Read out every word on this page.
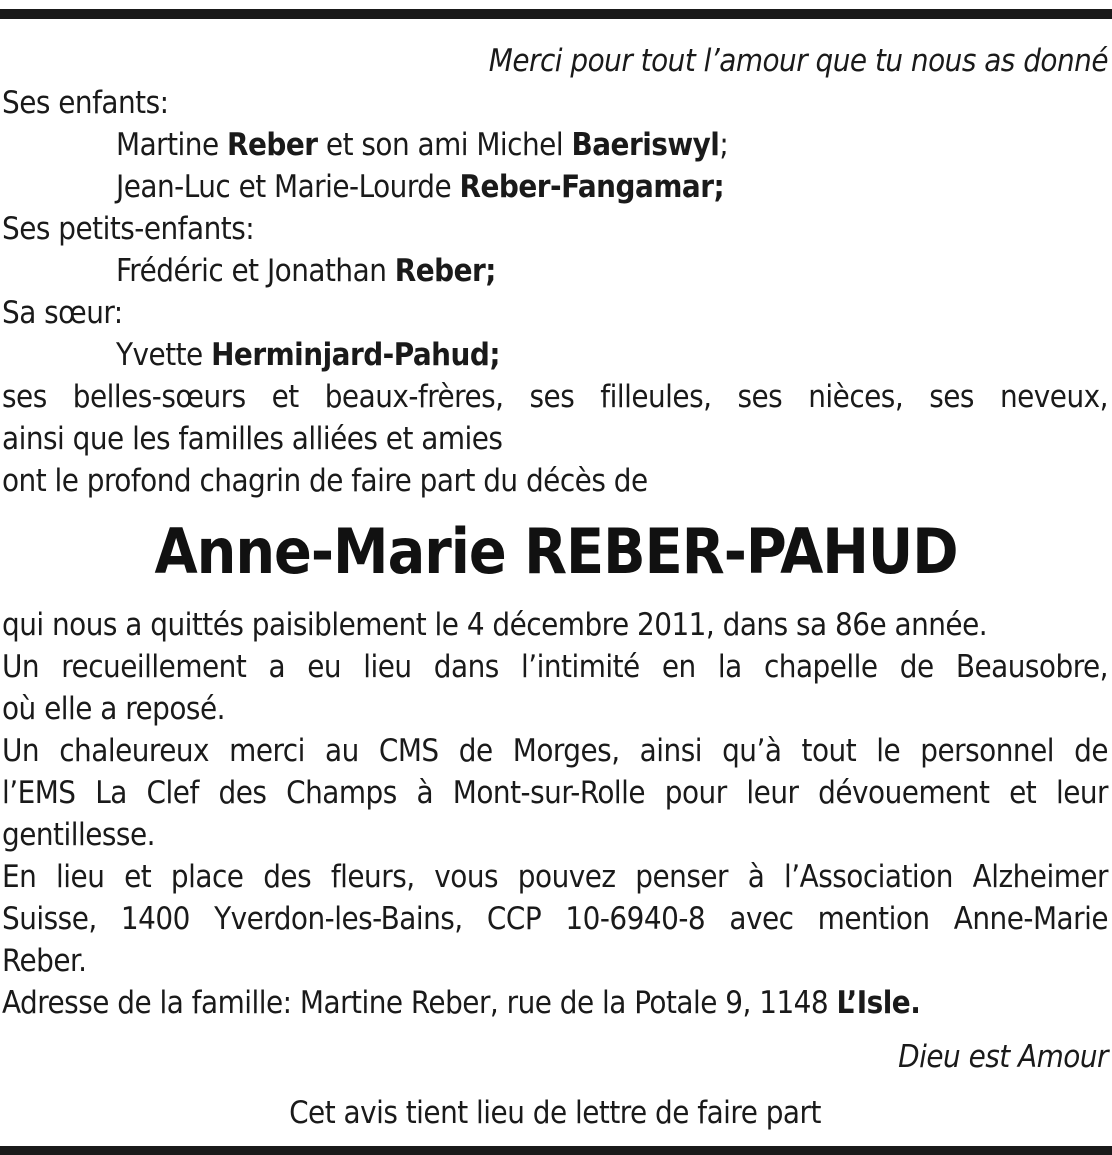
Merci pour tout l’amour que tu nous as donné
Ses enfants:
Martine Reber et son ami Michel Baeriswyl;
Jean-Luc et Marie-Lourde Reber-Fangamar;
Ses petits-enfants:
Frédéric et Jonathan Reber;
Sa sœur:
Yvette Herminjard-Pahud;
ses belles-sœurs et beaux-frères, ses filleules, ses nièces, ses neveux,
ainsi que les familles alliées et amies
ont le profond chagrin de faire part du décès de
Anne-Marie REBER-PAHUD
qui nous a quittés paisiblement le 4 décembre 2011, dans sa 86e année.
Un recueillement a eu lieu dans l’intimité en la chapelle de Beausobre,
où elle a reposé.
Un chaleureux merci au CMS de Morges, ainsi qu’à tout le personnel de
l’EMS La Clef des Champs à Mont-sur-Rolle pour leur dévouement et leur
gentillesse.
En lieu et place des fleurs, vous pouvez penser à l’Association Alzheimer
Suisse, 1400 Yverdon-les-Bains, CCP 10-6940-8 avec mention Anne-Marie
Reber.
Adresse de la famille: Martine Reber, rue de la Potale 9, 1148 L’Isle.
Dieu est Amour
Cet avis tient lieu de lettre de faire part
